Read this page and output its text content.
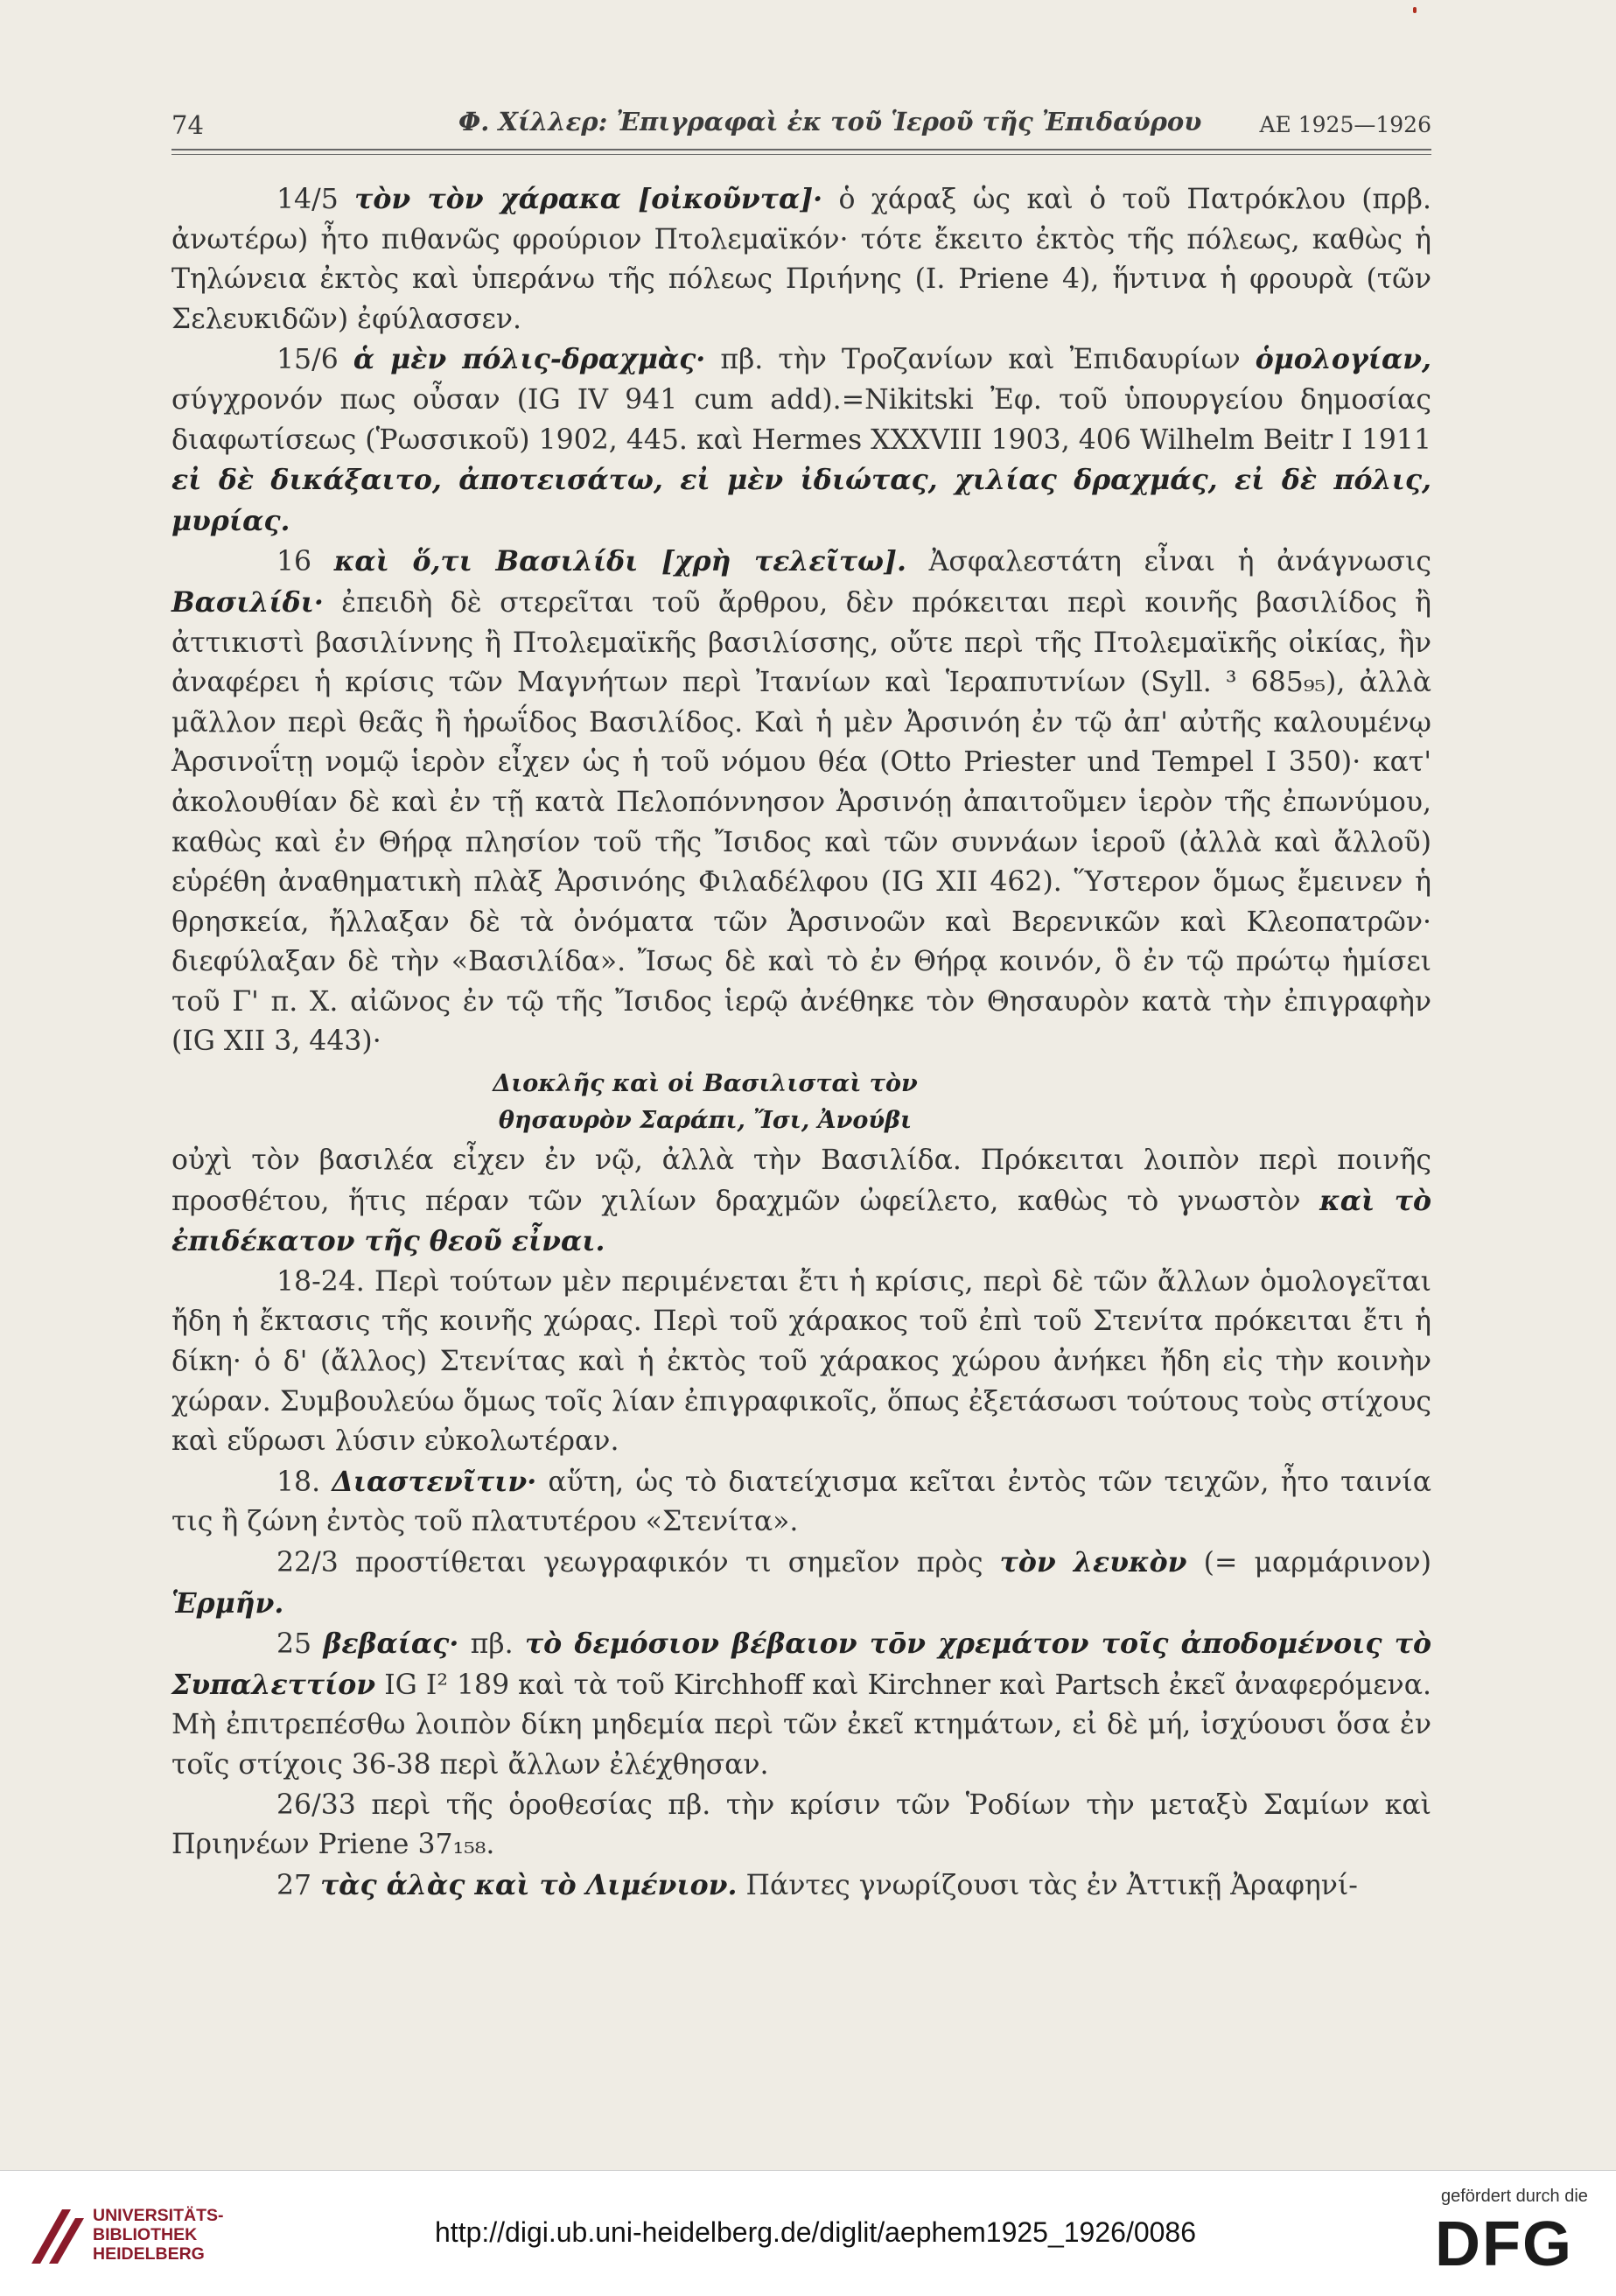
74	Φ. Χίλλερ: Ἐπιγραφαὶ ἐκ τοῦ Ἱεροῦ τῆς Ἐπιδαύρου	ΑΕ 1925—1926

14/5 τὸν τὸν χάρακα [οἰκοῦντα]· ὁ χάραξ ὡς καὶ ὁ τοῦ Πατρόκλου (πρβ. ἀνωτέρω) ἦτο πιθανῶς φρούριον Πτολεμαϊκόν· τότε ἔκειτο ἐκτὸς τῆς πόλεως, καθὼς ἡ Τηλώνεια ἐκτὸς καὶ ὑπεράνω τῆς πόλεως Πριήνης (I. Priene 4), ἥντινα ἡ φρουρὰ (τῶν Σελευκιδῶν) ἐφύλασσεν.

15/6 ἁ μὲν πόλις-δραχμὰς· πβ. τὴν Τροζανίων καὶ Ἐπιδαυρίων ὁμολογίαν, σύγχρονόν πως οὖσαν (IG IV 941 cum add).=Nikitski Ἐφ. τοῦ ὑπουργείου δημοσίας διαφωτίσεως (Ῥωσσικοῦ) 1902, 445. καὶ Hermes XXXVIII 1903, 406 Wilhelm Beitr I 1911 εἰ δὲ δικάξαιτο, ἀποτεισάτω, εἰ μὲν ἰδιώτας, χιλίας δραχμάς, εἰ δὲ πόλις, μυρίας.

16 καὶ ὅ,τι Βασιλίδι [χρὴ τελεῖτω]. Ἀσφαλεστάτη εἶναι ἡ ἀνάγνωσις Βασιλίδι· ἐπειδὴ δὲ στερεῖται τοῦ ἄρθρου, δὲν πρόκειται περὶ κοινῆς βασιλίδος ἢ ἀττικιστὶ βασιλίννης ἢ Πτολεμαϊκῆς βασιλίσσης, οὔτε περὶ τῆς Πτολεμαϊκῆς οἰκίας, ἣν ἀναφέρει ἡ κρίσις τῶν Μαγνήτων περὶ Ἰτανίων καὶ Ἱεραπυτνίων (Syll. ³ 685₉₅), ἀλλὰ μᾶλλον περὶ θεᾶς ἢ ἡρωΐδος Βασιλίδος. Καὶ ἡ μὲν Ἀρσινόη ἐν τῷ ἀπ' αὐτῆς καλουμένῳ Ἀρσινοΐτῃ νομῷ ἱερὸν εἶχεν ὡς ἡ τοῦ νόμου θέα (Otto Priester und Tempel I 350)· κατ' ἀκολουθίαν δὲ καὶ ἐν τῇ κατὰ Πελοπόννησον Ἀρσινόῃ ἀπαιτοῦμεν ἱερὸν τῆς ἐπωνύμου, καθὼς καὶ ἐν Θήρᾳ πλησίον τοῦ τῆς Ἴσιδος καὶ τῶν συννάων ἱεροῦ (ἀλλὰ καὶ ἄλλοῦ) εὑρέθη ἀναθηματικὴ πλὰξ Ἀρσινόης Φιλαδέλφου (IG XII 462). Ὕστερον ὅμως ἔμεινεν ἡ θρησκεία, ἤλλαξαν δὲ τὰ ὀνόματα τῶν Ἀρσινοῶν καὶ Βερενικῶν καὶ Κλεοπατρῶν· διεφύλαξαν δὲ τὴν «Βασιλίδα». Ἴσως δὲ καὶ τὸ ἐν Θήρᾳ κοινόν, ὃ ἐν τῷ πρώτῳ ἡμίσει τοῦ Γ' π. Χ. αἰῶνος ἐν τῷ τῆς Ἴσιδος ἱερῷ ἀνέθηκε τὸν Θησαυρὸν κατὰ τὴν ἐπιγραφὴν (IG XII 3, 443)·

Διοκλῆς καὶ οἱ Βασιλισταὶ τὸν
θησαυρὸν Σαράπι, Ἴσι, Ἀνούβι

οὐχὶ τὸν βασιλέα εἶχεν ἐν νῷ, ἀλλὰ τὴν Βασιλίδα. Πρόκειται λοιπὸν περὶ ποινῆς προσθέτου, ἥτις πέραν τῶν χιλίων δραχμῶν ὠφείλετο, καθὼς τὸ γνωστὸν καὶ τὸ ἐπιδέκατον τῆς θεοῦ εἶναι.

18-24. Περὶ τούτων μὲν περιμένεται ἔτι ἡ κρίσις, περὶ δὲ τῶν ἄλλων ὁμολογεῖται ἤδη ἡ ἔκτασις τῆς κοινῆς χώρας. Περὶ τοῦ χάρακος τοῦ ἐπὶ τοῦ Στενίτα πρόκειται ἔτι ἡ δίκη· ὁ δ' (ἄλλος) Στενίτας καὶ ἡ ἐκτὸς τοῦ χάρακος χώρου ἀνήκει ἤδη εἰς τὴν κοινὴν χώραν. Συμβουλεύω ὅμως τοῖς λίαν ἐπιγραφικοῖς, ὅπως ἐξετάσωσι τούτους τοὺς στίχους καὶ εὕρωσι λύσιν εὐκολωτέραν.

18. Διαστενῖτιν· αὕτη, ὡς τὸ διατείχισμα κεῖται ἐντὸς τῶν τειχῶν, ἦτο ταινία τις ἢ ζώνη ἐντὸς τοῦ πλατυτέρου «Στενίτα».

22/3 προστίθεται γεωγραφικόν τι σημεῖον πρὸς τὸν λευκὸν (= μαρμάρινον) Ἑρμῆν.

25 βεβαίας· πβ. τὸ δεμόσιον βέβαιον τōν χρεμάτον τοῖς ἀποδομένοις τὸ Συπαλεττίον IG I² 189 καὶ τὰ τοῦ Kirchhoff καὶ Kirchner καὶ Partsch ἐκεῖ ἀναφερόμενα. Μὴ ἐπιτρεπέσθω λοιπὸν δίκη μηδεμία περὶ τῶν ἐκεῖ κτημάτων, εἰ δὲ μή, ἰσχύουσι ὅσα ἐν τοῖς στίχοις 36-38 περὶ ἄλλων ἐλέχθησαν.

26/33 περὶ τῆς ὁροθεσίας πβ. τὴν κρίσιν τῶν Ῥοδίων τὴν μεταξὺ Σαμίων καὶ Πριηνέων Priene 37₁₅₈.

27 τὰς ἁλὰς καὶ τὸ Λιμένιον. Πάντες γνωρίζουσι τὰς ἐν Ἀττικῇ Ἀραφηνί-

UNIVERSITÄTS-
BIBLIOTHEK
HEIDELBERG
http://digi.ub.uni-heidelberg.de/diglit/aephem1925_1926/0086
gefördert durch die
DFG
